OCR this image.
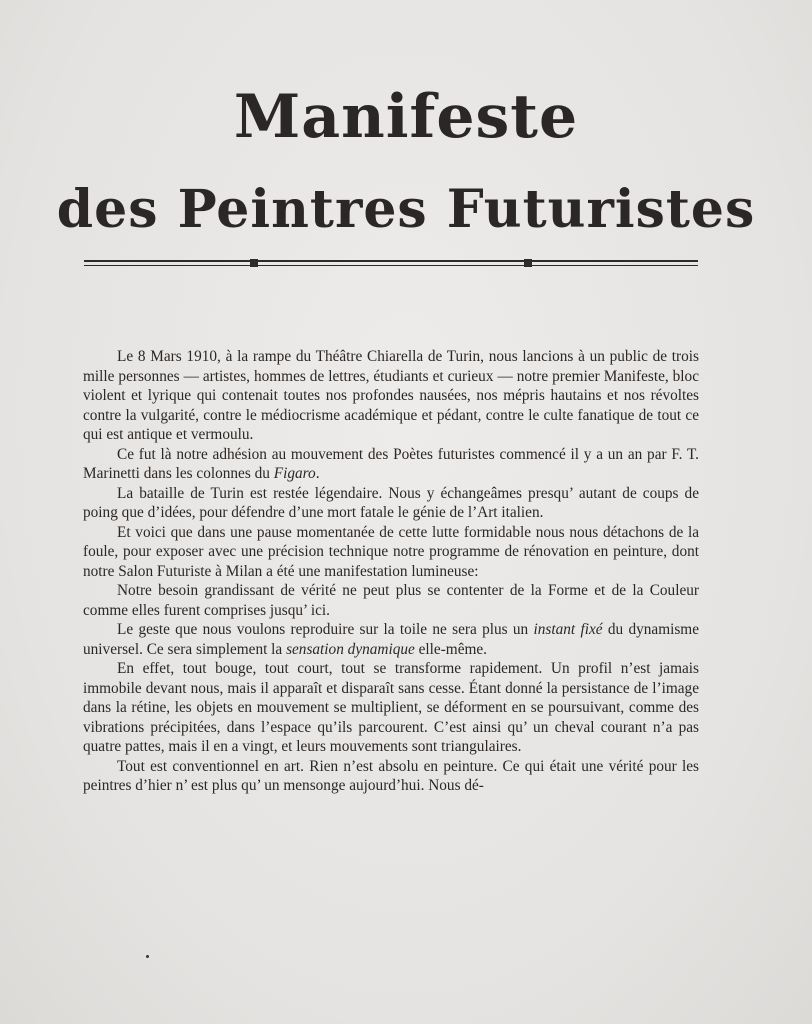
Manifeste
des Peintres Futuristes

Le 8 Mars 1910, à la rampe du Théâtre Chiarella de Turin, nous lancions à un public de trois mille personnes — artistes, hommes de lettres, étudiants et curieux — notre premier Manifeste, bloc violent et lyrique qui contenait toutes nos profondes nausées, nos mépris hautains et nos révoltes contre la vulgarité, contre le médiocrisme académique et pédant, contre le culte fanatique de tout ce qui est antique et vermoulu.

Ce fut là notre adhésion au mouvement des Poètes futuristes commencé il y a un an par F. T. Marinetti dans les colonnes du Figaro.

La bataille de Turin est restée légendaire. Nous y échangeâmes presqu’ autant de coups de poing que d’idées, pour défendre d’une mort fatale le génie de l’Art italien.

Et voici que dans une pause momentanée de cette lutte formidable nous nous détachons de la foule, pour exposer avec une précision technique notre programme de rénovation en peinture, dont notre Salon Futuriste à Milan a été une manifestation lumineuse:

Notre besoin grandissant de vérité ne peut plus se contenter de la Forme et de la Couleur comme elles furent comprises jusqu’ ici.

Le geste que nous voulons reproduire sur la toile ne sera plus un instant fixé du dynamisme universel. Ce sera simplement la sensation dynamique elle-même.

En effet, tout bouge, tout court, tout se transforme rapidement. Un profil n’est jamais immobile devant nous, mais il apparaît et disparaît sans cesse. Étant donné la persistance de l’image dans la rétine, les objets en mouvement se multiplient, se déforment en se poursuivant, comme des vibrations précipitées, dans l’espace qu’ils parcourent. C’est ainsi qu’ un cheval courant n’a pas quatre pattes, mais il en a vingt, et leurs mouvements sont triangulaires.

Tout est conventionnel en art. Rien n’est absolu en peinture. Ce qui était une vérité pour les peintres d’hier n’ est plus qu’ un mensonge aujourd’hui. Nous dé-
